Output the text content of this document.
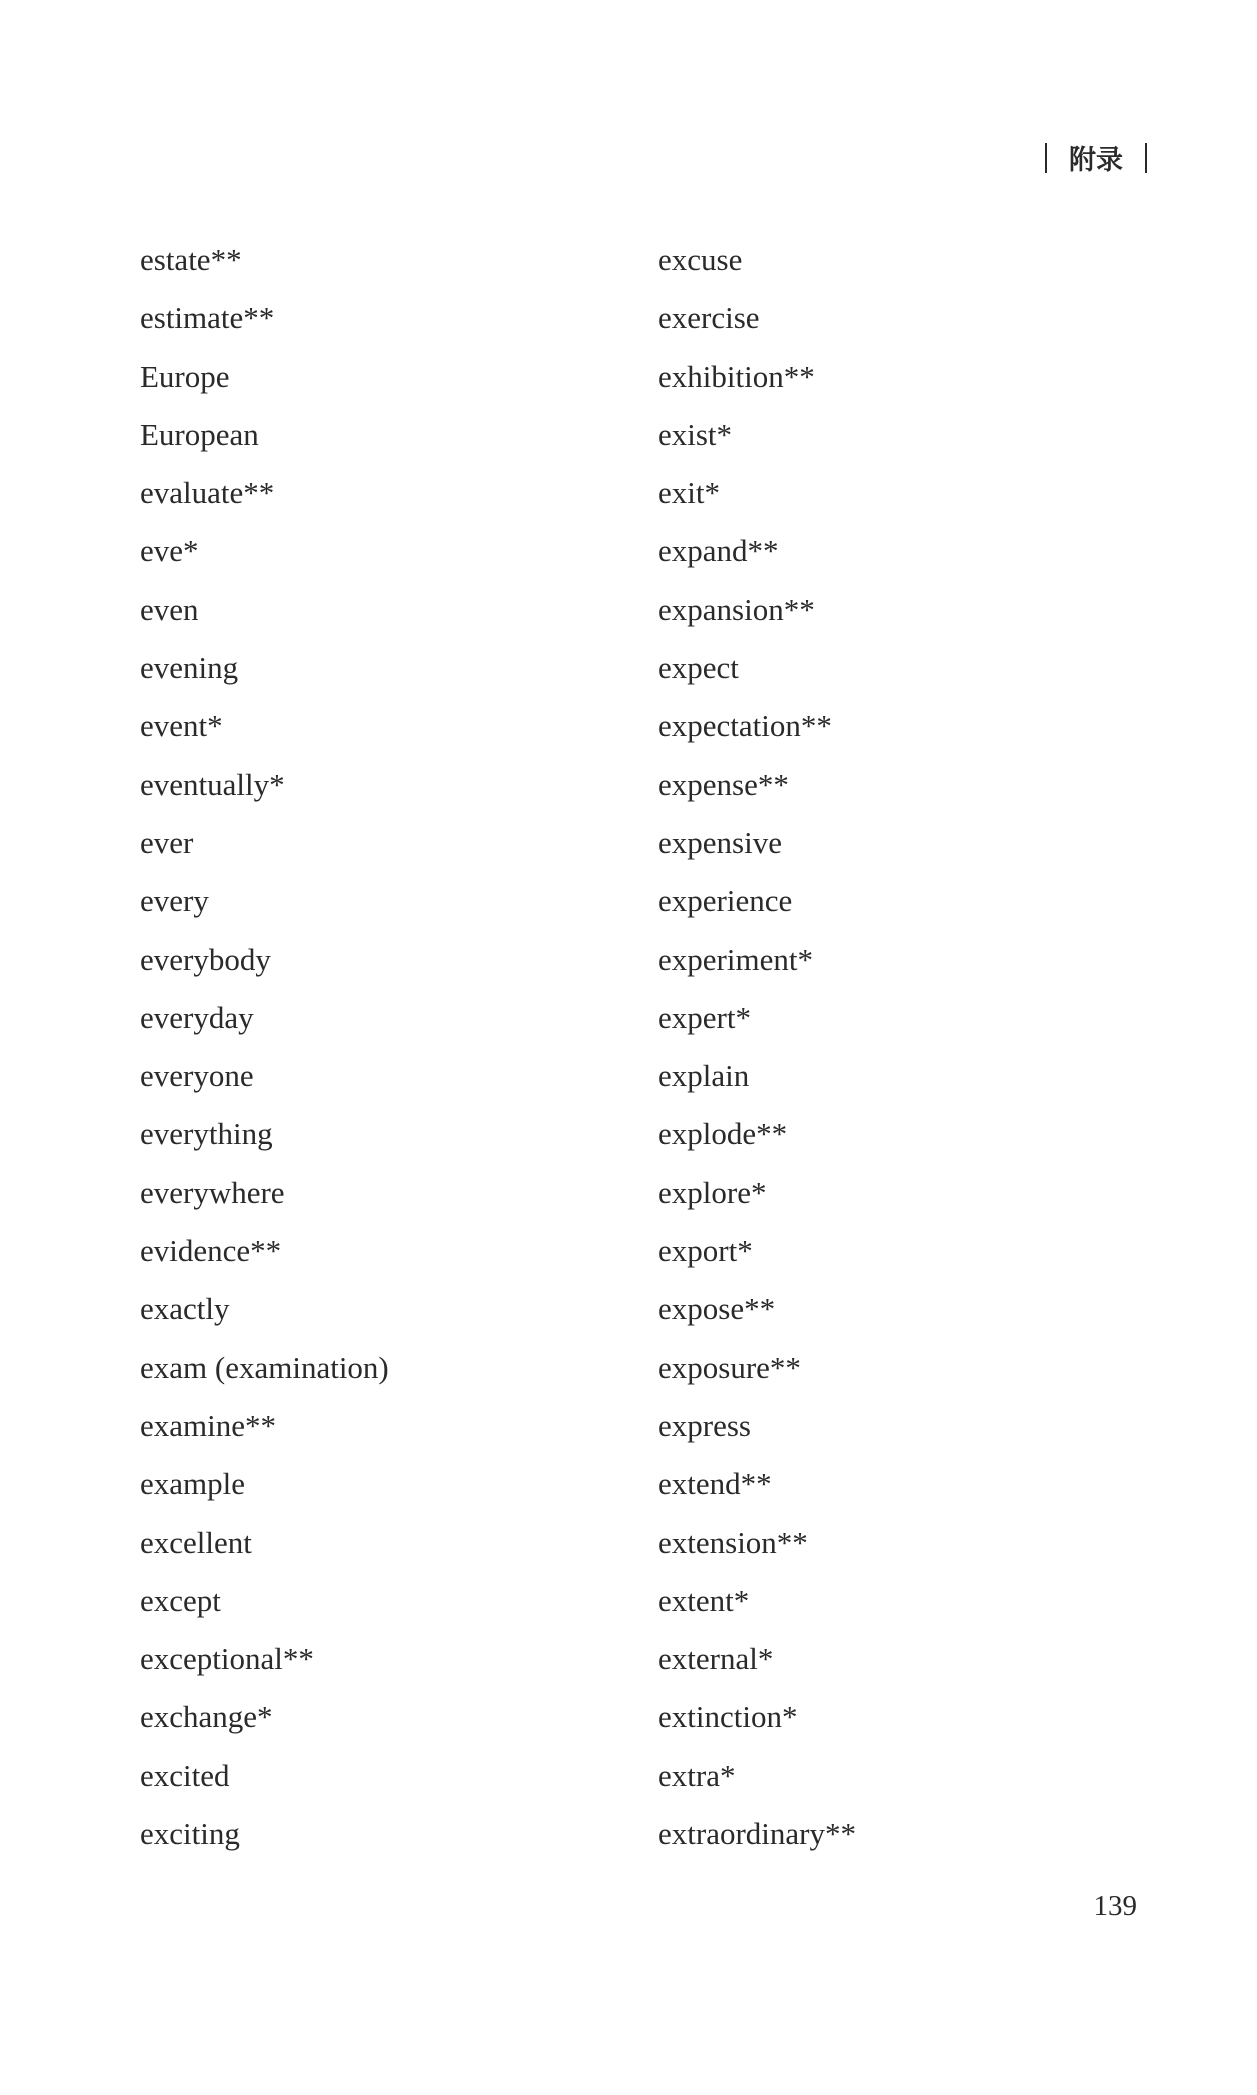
附录
estate**
estimate**
Europe
European
evaluate**
eve*
even
evening
event*
eventually*
ever
every
everybody
everyday
everyone
everything
everywhere
evidence**
exactly
exam (examination)
examine**
example
excellent
except
exceptional**
exchange*
excited
exciting
excuse
exercise
exhibition**
exist*
exit*
expand**
expansion**
expect
expectation**
expense**
expensive
experience
experiment*
expert*
explain
explode**
explore*
export*
expose**
exposure**
express
extend**
extension**
extent*
external*
extinction*
extra*
extraordinary**
139
